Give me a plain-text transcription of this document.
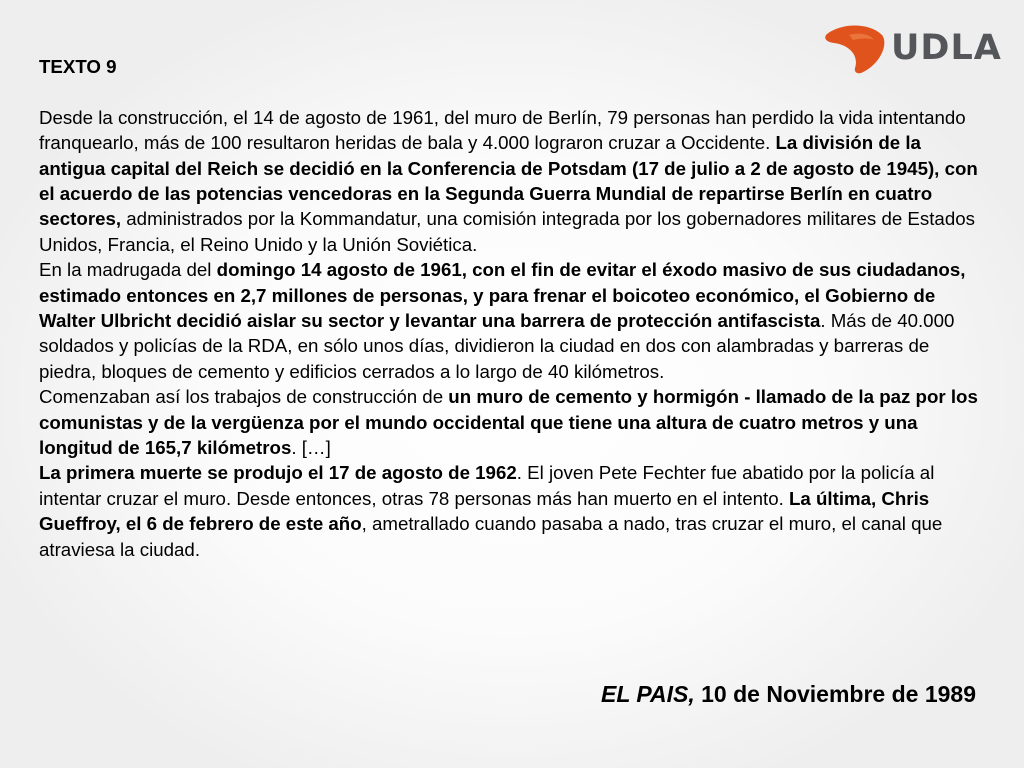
UDLA
TEXTO 9

Desde la construcción, el 14 de agosto de 1961, del muro de Berlín, 79 personas han perdido la vida intentando franquearlo, más de 100 resultaron heridas de bala y 4.000 lograron cruzar a Occidente. La división de la antigua capital del Reich se decidió en la Conferencia de Potsdam (17 de julio a 2 de agosto de 1945), con el acuerdo de las potencias vencedoras en la Segunda Guerra Mundial de repartirse Berlín en cuatro sectores, administrados por la Kommandatur, una comisión integrada por los gobernadores militares de Estados Unidos, Francia, el Reino Unido y la Unión Soviética.

En la madrugada del domingo 14 agosto de 1961, con el fin de evitar el éxodo masivo de sus ciudadanos, estimado entonces en 2,7 millones de personas, y para frenar el boicoteo económico, el Gobierno de Walter Ulbricht decidió aislar su sector y levantar una barrera de protección antifascista. Más de 40.000 soldados y policías de la RDA, en sólo unos días, dividieron la ciudad en dos con alambradas y barreras de piedra, bloques de cemento y edificios cerrados a lo largo de 40 kilómetros.

Comenzaban así los trabajos de construcción de un muro de cemento y hormigón - llamado de la paz por los comunistas y de la vergüenza por el mundo occidental que tiene una altura de cuatro metros y una longitud de 165,7 kilómetros. […]

La primera muerte se produjo el 17 de agosto de 1962. El joven Pete Fechter fue abatido por la policía al intentar cruzar el muro. Desde entonces, otras 78 personas más han muerto en el intento. La última, Chris Gueffroy, el 6 de febrero de este año, ametrallado cuando pasaba a nado, tras cruzar el muro, el canal que atraviesa la ciudad.

EL PAIS, 10 de Noviembre de 1989
